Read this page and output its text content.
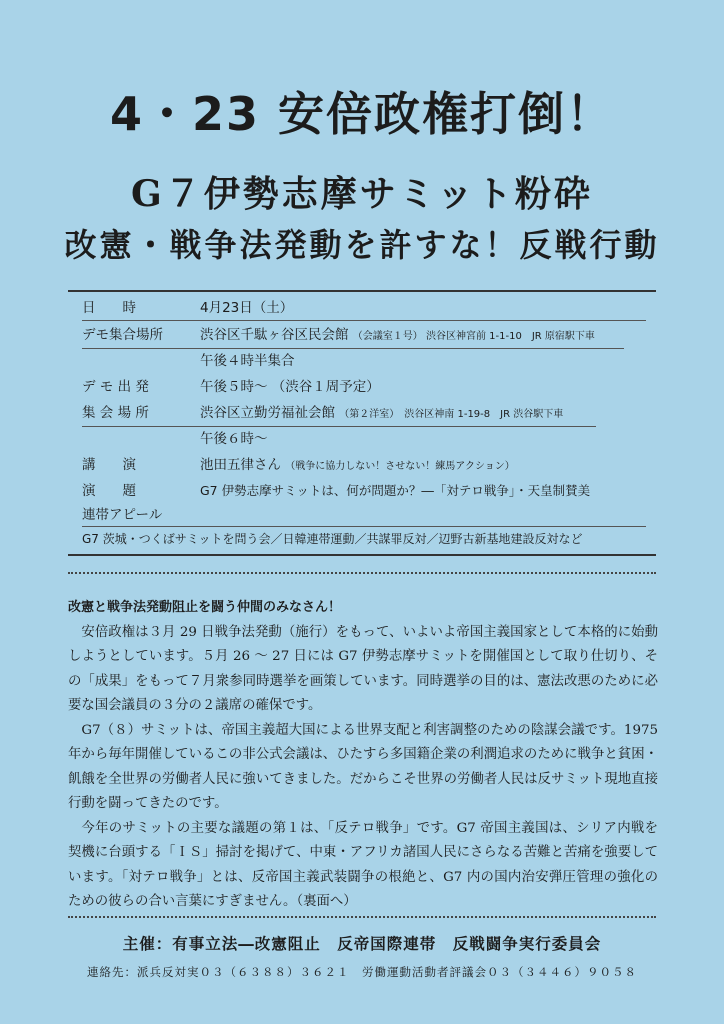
4・23 安倍政権打倒！
G７伊勢志摩サミット粉砕
改憲・戦争法発動を許すな！反戦行動
日　　時	4月23日（土）
デモ集合場所	渋谷区千駄ヶ谷区民会館 （会議室１号） 渋谷区神宮前 1-1-10　JR 原宿駅下車
午後４時半集合
デ モ 出 発	午後５時〜 （渋谷１周予定）
集 会 場 所	渋谷区立勤労福祉会館 （第２洋室）　渋谷区神南 1-19-8　JR 渋谷駅下車
午後６時〜
講　　演	池田五律さん （戦争に協力しない！させない！練馬アクション）
演　　題	G7 伊勢志摩サミットは、何が問題か？―「対テロ戦争」・天皇制賛美
連帯アピール
G7 茨城・つくばサミットを問う会／日韓連帯運動／共謀罪反対／辺野古新基地建設反対など

改憲と戦争法発動阻止を闘う仲間のみなさん！

安倍政権は３月 29 日戦争法発動（施行）をもって、いよいよ帝国主義国家として本格的に始動しようとしています。５月 26 〜 27 日には G7 伊勢志摩サミットを開催国として取り仕切り、その「成果」をもって７月衆参同時選挙を画策しています。同時選挙の目的は、憲法改悪のために必要な国会議員の３分の２議席の確保です。

G7（８）サミットは、帝国主義超大国による世界支配と利害調整のための陰謀会議です。1975 年から毎年開催しているこの非公式会議は、ひたすら多国籍企業の利潤追求のために戦争と貧困・飢餓を全世界の労働者人民に強いてきました。だからこそ世界の労働者人民は反サミット現地直接行動を闘ってきたのです。

今年のサミットの主要な議題の第１は、「反テロ戦争」です。G7 帝国主義国は、シリア内戦を契機に台頭する「ＩＳ」掃討を掲げて、中東・アフリカ諸国人民にさらなる苦難と苦痛を強要しています。「対テロ戦争」とは、反帝国主義武装闘争の根絶と、G7 内の国内治安弾圧管理の強化のための彼らの合い言葉にすぎません。（裏面へ）

主催：有事立法―改憲阻止　反帝国際連帯　反戦闘争実行委員会
連絡先：派兵反対実０３（６３８８）３６２１　労働運動活動者評議会０３（３４４６）９０５８
